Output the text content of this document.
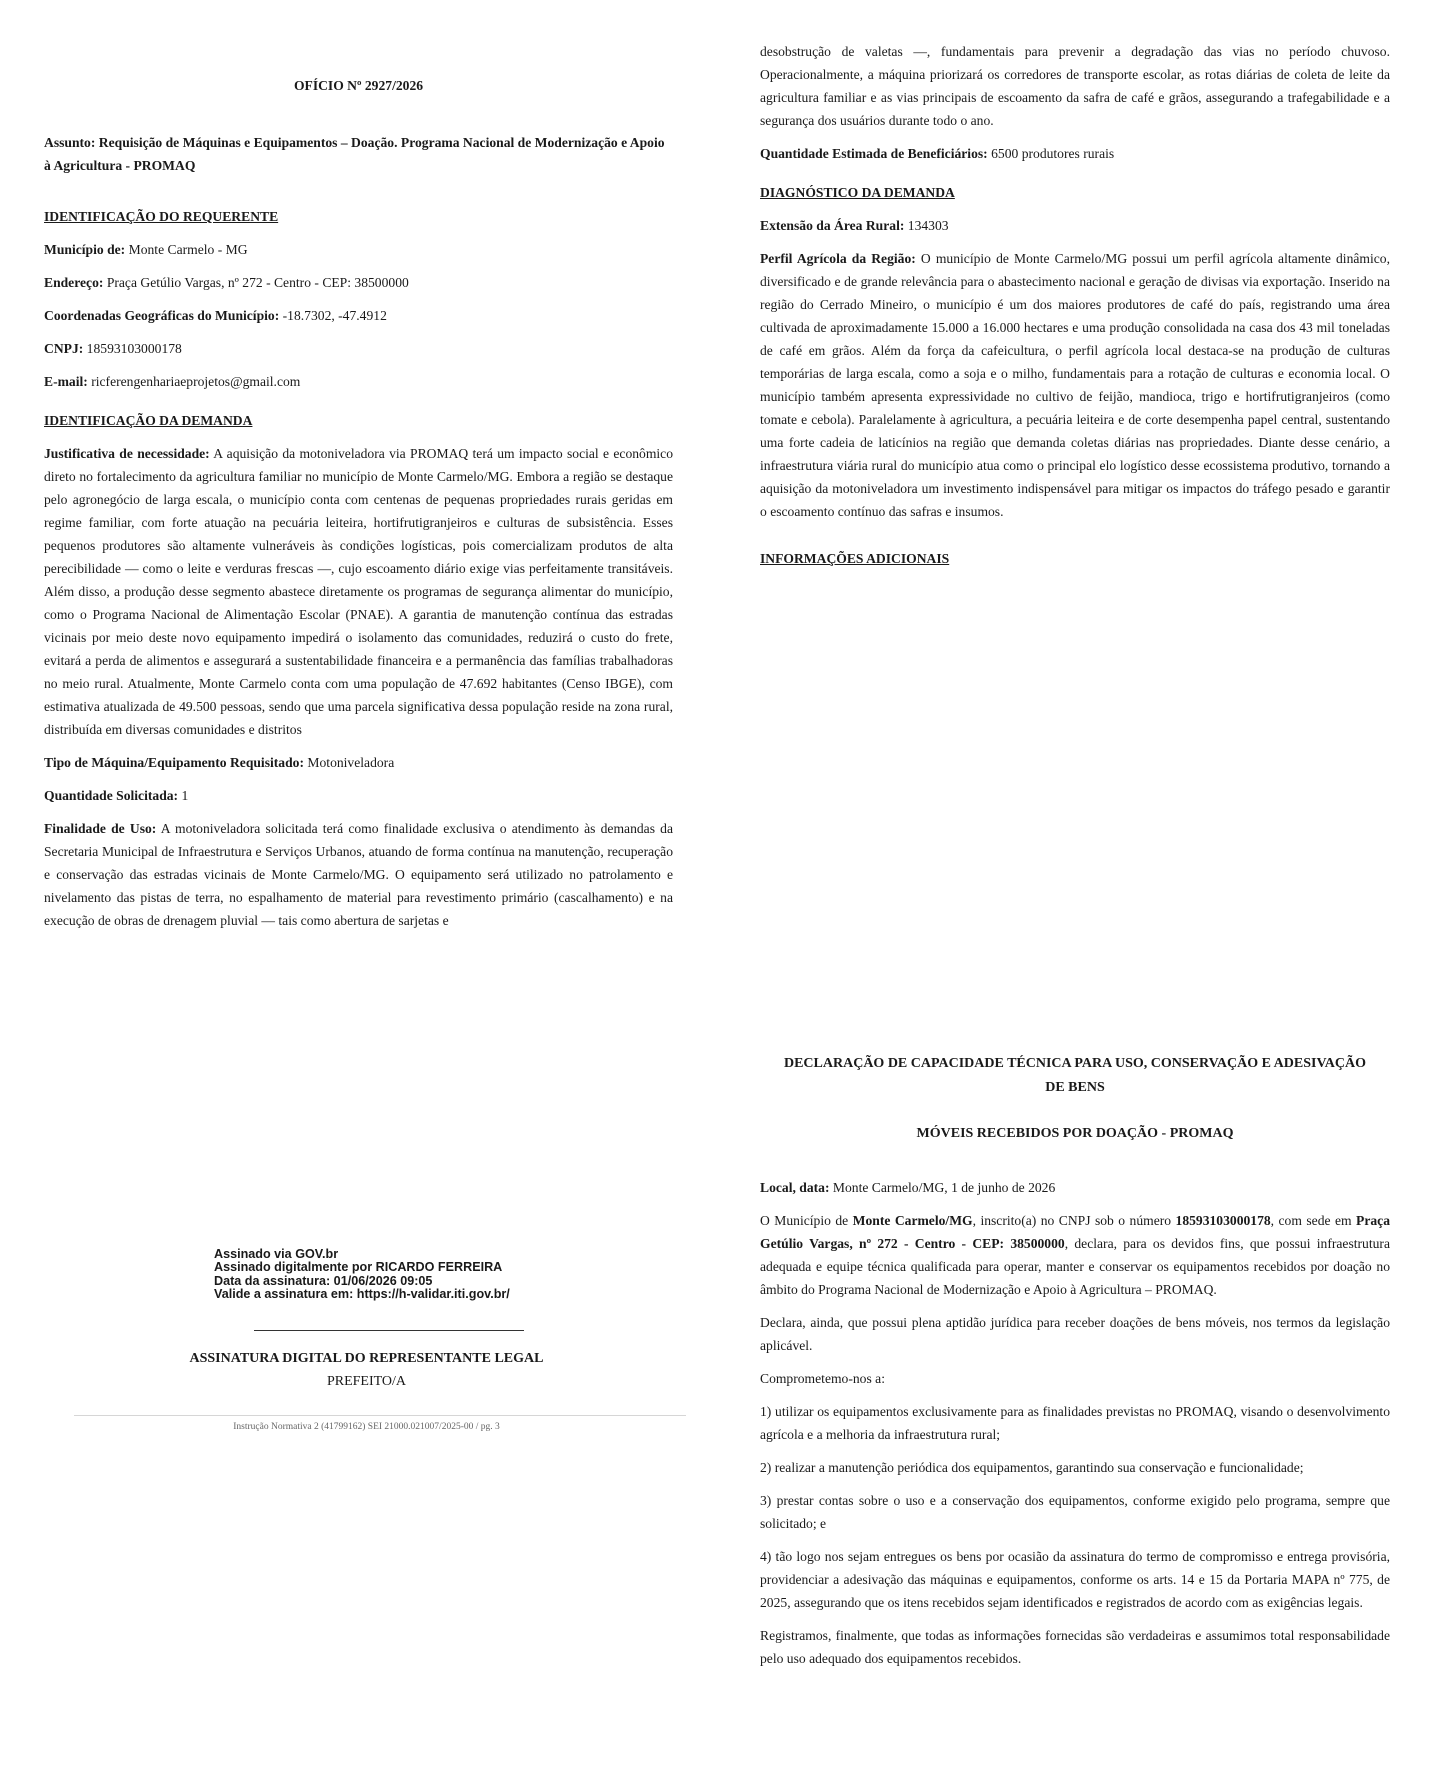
OFÍCIO Nº 2927/2026

Assunto: Requisição de Máquinas e Equipamentos – Doação. Programa Nacional de Modernização e Apoio à Agricultura - PROMAQ

IDENTIFICAÇÃO DO REQUERENTE

Município de: Monte Carmelo - MG

Endereço: Praça Getúlio Vargas, nº 272 - Centro - CEP: 38500000

Coordenadas Geográficas do Município: -18.7302, -47.4912

CNPJ: 18593103000178

E-mail: ricferengenhariaeprojetos@gmail.com

IDENTIFICAÇÃO DA DEMANDA

Justificativa de necessidade: A aquisição da motoniveladora via PROMAQ terá um impacto social e econômico direto no fortalecimento da agricultura familiar no município de Monte Carmelo/MG. Embora a região se destaque pelo agronegócio de larga escala, o município conta com centenas de pequenas propriedades rurais geridas em regime familiar, com forte atuação na pecuária leiteira, hortifrutigranjeiros e culturas de subsistência. Esses pequenos produtores são altamente vulneráveis às condições logísticas, pois comercializam produtos de alta perecibilidade — como o leite e verduras frescas —, cujo escoamento diário exige vias perfeitamente transitáveis. Além disso, a produção desse segmento abastece diretamente os programas de segurança alimentar do município, como o Programa Nacional de Alimentação Escolar (PNAE). A garantia de manutenção contínua das estradas vicinais por meio deste novo equipamento impedirá o isolamento das comunidades, reduzirá o custo do frete, evitará a perda de alimentos e assegurará a sustentabilidade financeira e a permanência das famílias trabalhadoras no meio rural. Atualmente, Monte Carmelo conta com uma população de 47.692 habitantes (Censo IBGE), com estimativa atualizada de 49.500 pessoas, sendo que uma parcela significativa dessa população reside na zona rural, distribuída em diversas comunidades e distritos

Tipo de Máquina/Equipamento Requisitado: Motoniveladora

Quantidade Solicitada: 1

Finalidade de Uso: A motoniveladora solicitada terá como finalidade exclusiva o atendimento às demandas da Secretaria Municipal de Infraestrutura e Serviços Urbanos, atuando de forma contínua na manutenção, recuperação e conservação das estradas vicinais de Monte Carmelo/MG. O equipamento será utilizado no patrolamento e nivelamento das pistas de terra, no espalhamento de material para revestimento primário (cascalhamento) e na execução de obras de drenagem pluvial — tais como abertura de sarjetas e

desobstrução de valetas —, fundamentais para prevenir a degradação das vias no período chuvoso. Operacionalmente, a máquina priorizará os corredores de transporte escolar, as rotas diárias de coleta de leite da agricultura familiar e as vias principais de escoamento da safra de café e grãos, assegurando a trafegabilidade e a segurança dos usuários durante todo o ano.

Quantidade Estimada de Beneficiários: 6500 produtores rurais

DIAGNÓSTICO DA DEMANDA

Extensão da Área Rural: 134303

Perfil Agrícola da Região: O município de Monte Carmelo/MG possui um perfil agrícola altamente dinâmico, diversificado e de grande relevância para o abastecimento nacional e geração de divisas via exportação. Inserido na região do Cerrado Mineiro, o município é um dos maiores produtores de café do país, registrando uma área cultivada de aproximadamente 15.000 a 16.000 hectares e uma produção consolidada na casa dos 43 mil toneladas de café em grãos. Além da força da cafeicultura, o perfil agrícola local destaca-se na produção de culturas temporárias de larga escala, como a soja e o milho, fundamentais para a rotação de culturas e economia local. O município também apresenta expressividade no cultivo de feijão, mandioca, trigo e hortifrutigranjeiros (como tomate e cebola). Paralelamente à agricultura, a pecuária leiteira e de corte desempenha papel central, sustentando uma forte cadeia de laticínios na região que demanda coletas diárias nas propriedades. Diante desse cenário, a infraestrutura viária rural do município atua como o principal elo logístico desse ecossistema produtivo, tornando a aquisição da motoniveladora um investimento indispensável para mitigar os impactos do tráfego pesado e garantir o escoamento contínuo das safras e insumos.

INFORMAÇÕES ADICIONAIS
Assinado via GOV.br
Assinado digitalmente por RICARDO FERREIRA
Data da assinatura: 01/06/2026 09:05
Valide a assinatura em: https://h-validar.iti.gov.br/
ASSINATURA DIGITAL DO REPRESENTANTE LEGAL
PREFEITO/A
Instrução Normativa 2 (41799162) SEI 21000.021007/2025-00 / pg. 3
DECLARAÇÃO DE CAPACIDADE TÉCNICA PARA USO, CONSERVAÇÃO E ADESIVAÇÃO
DE BENS
MÓVEIS RECEBIDOS POR DOAÇÃO - PROMAQ

Local, data: Monte Carmelo/MG, 1 de junho de 2026

O Município de Monte Carmelo/MG, inscrito(a) no CNPJ sob o número 18593103000178, com sede em Praça Getúlio Vargas, nº 272 - Centro - CEP: 38500000, declara, para os devidos fins, que possui infraestrutura adequada e equipe técnica qualificada para operar, manter e conservar os equipamentos recebidos por doação no âmbito do Programa Nacional de Modernização e Apoio à Agricultura – PROMAQ.

Declara, ainda, que possui plena aptidão jurídica para receber doações de bens móveis, nos termos da legislação aplicável.

Comprometemo-nos a:

1) utilizar os equipamentos exclusivamente para as finalidades previstas no PROMAQ, visando o desenvolvimento agrícola e a melhoria da infraestrutura rural;

2) realizar a manutenção periódica dos equipamentos, garantindo sua conservação e funcionalidade;

3) prestar contas sobre o uso e a conservação dos equipamentos, conforme exigido pelo programa, sempre que solicitado; e

4) tão logo nos sejam entregues os bens por ocasião da assinatura do termo de compromisso e entrega provisória, providenciar a adesivação das máquinas e equipamentos, conforme os arts. 14 e 15 da Portaria MAPA nº 775, de 2025, assegurando que os itens recebidos sejam identificados e registrados de acordo com as exigências legais.

Registramos, finalmente, que todas as informações fornecidas são verdadeiras e assumimos total responsabilidade pelo uso adequado dos equipamentos recebidos.
